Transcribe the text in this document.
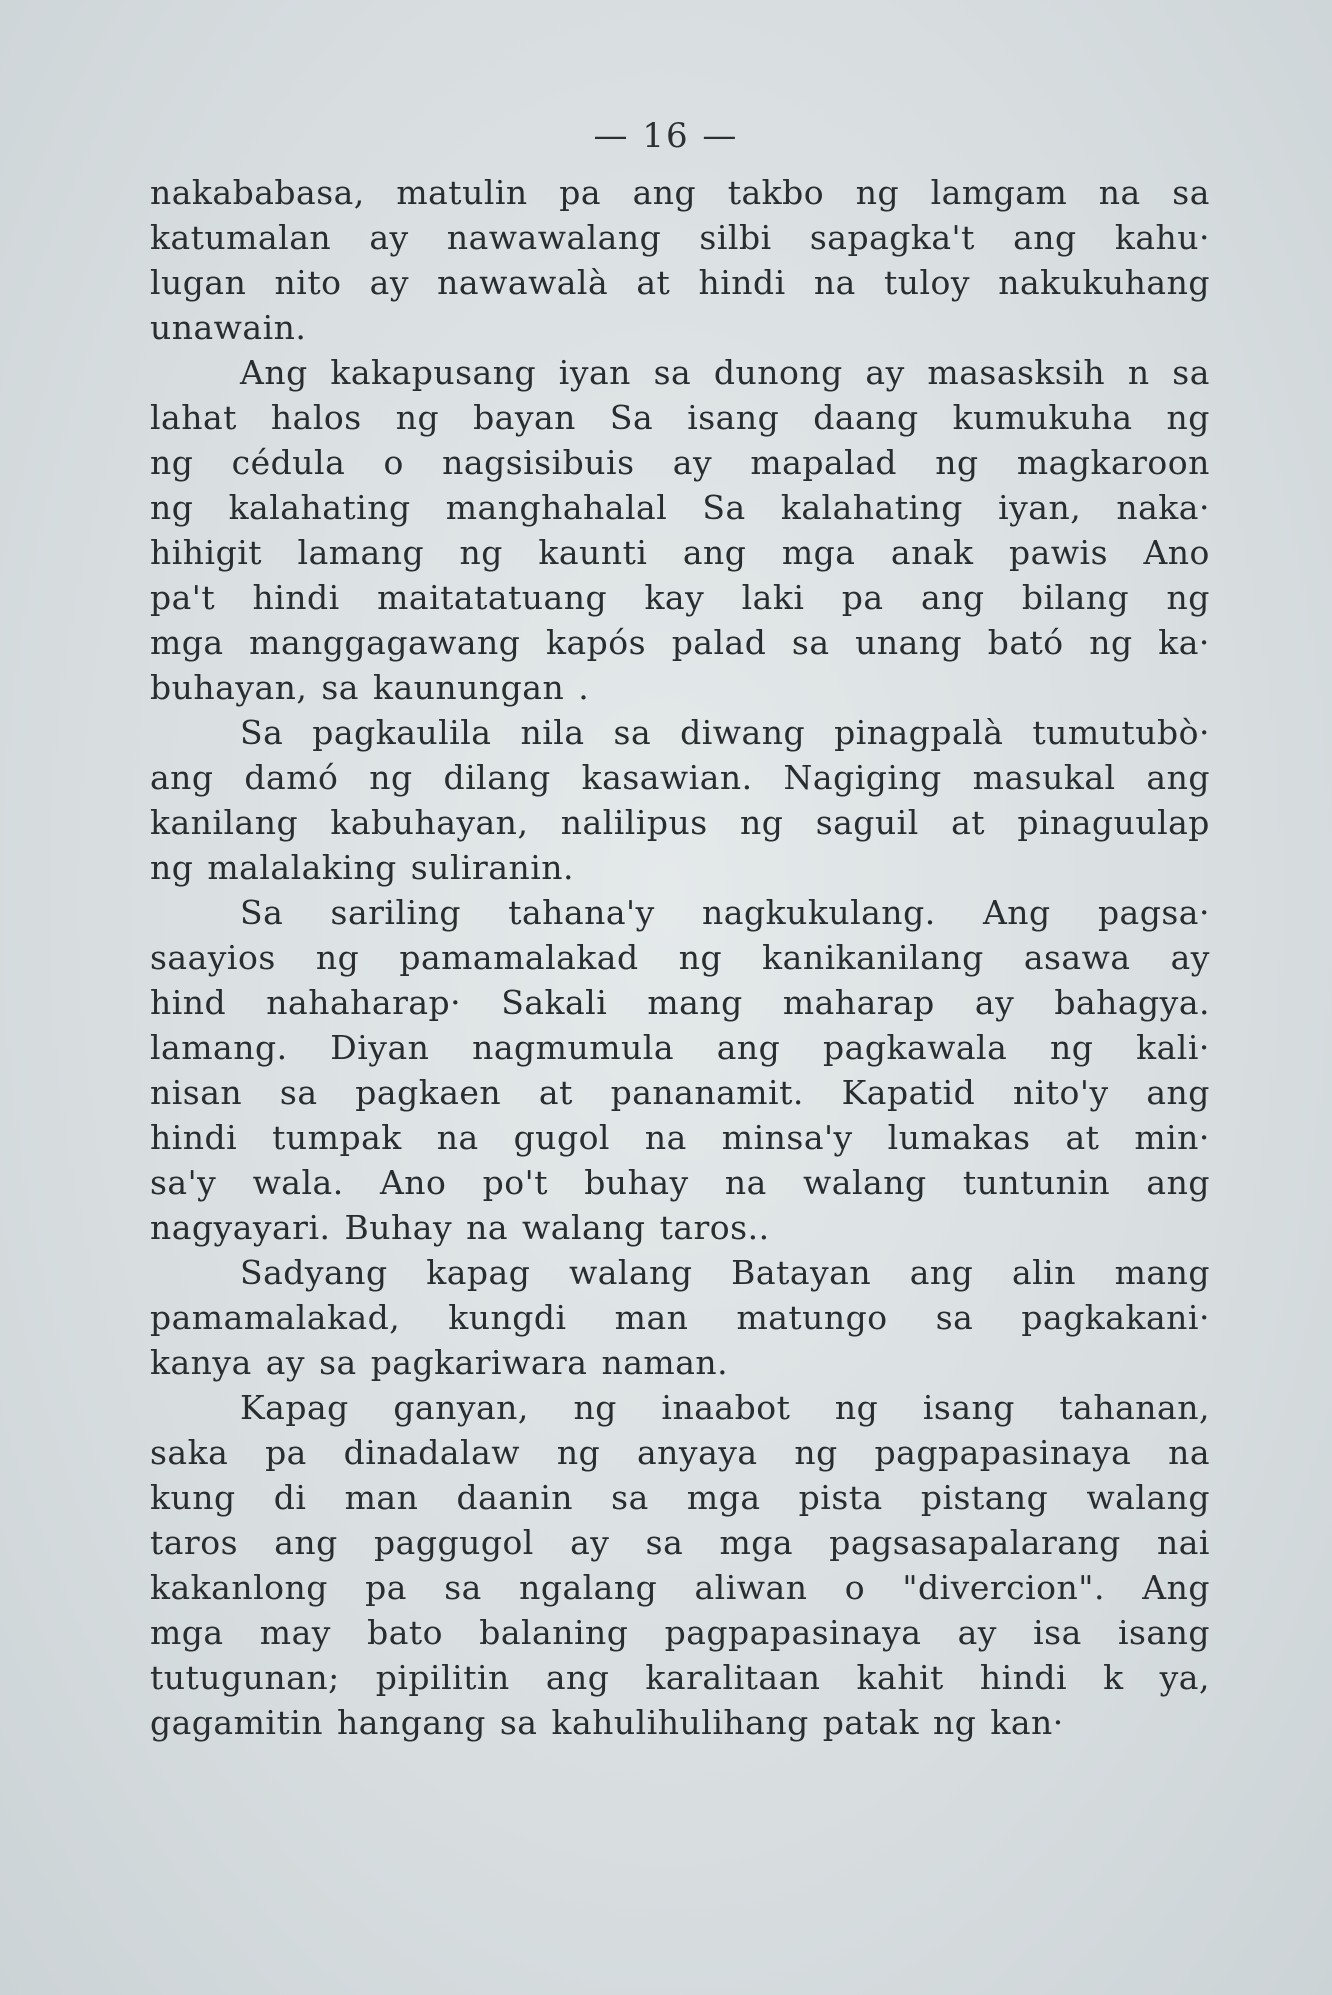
— 16 —
nakababasa, matulin pa ang takbo ng lamgam na sa
katumalan ay nawawalang silbi sapagka't ang kahu·
lugan nito ay nawawalà at hindi na tuloy nakukuhang
unawain.
Ang kakapusang iyan sa dunong ay masasksih n sa
lahat halos ng bayan Sa isang daang kumukuha ng
ng cédula o nagsisibuis ay mapalad ng magkaroon
ng kalahating manghahalal Sa kalahating iyan, naka·
hihigit lamang ng kaunti ang mga anak pawis Ano
pa't hindi maitatatuang kay laki pa ang bilang ng
mga manggagawang kapós palad sa unang bató ng ka·
buhayan, sa kaunungan .
Sa pagkaulila nila sa diwang pinagpalà tumutubò·
ang damó ng dilang kasawian. Nagiging masukal ang
kanilang kabuhayan, nalilipus ng saguil at pinaguulap
ng malalaking suliranin.
Sa sariling tahana'y nagkukulang. Ang pagsa·
saayios ng pamamalakad ng kanikanilang asawa ay
hind nahaharap· Sakali mang maharap ay bahagya.
lamang. Diyan nagmumula ang pagkawala ng kali·
nisan sa pagkaen at pananamit. Kapatid nito'y ang
hindi tumpak na gugol na minsa'y lumakas at min·
sa'y wala. Ano po't buhay na walang tuntunin ang
nagyayari. Buhay na walang taros..
Sadyang kapag walang Batayan ang alin mang
pamamalakad, kungdi man matungo sa pagkakani·
kanya ay sa pagkariwara naman.
Kapag ganyan, ng inaabot ng isang tahanan,
saka pa dinadalaw ng anyaya ng pagpapasinaya na
kung di man daanin sa mga pista pistang walang
taros ang paggugol ay sa mga pagsasapalarang nai
kakanlong pa sa ngalang aliwan o "divercion". Ang
mga may bato balaning pagpapasinaya ay isa isang
tutugunan; pipilitin ang karalitaan kahit hindi k ya,
gagamitin hangang sa kahulihulihang patak ng kan·
